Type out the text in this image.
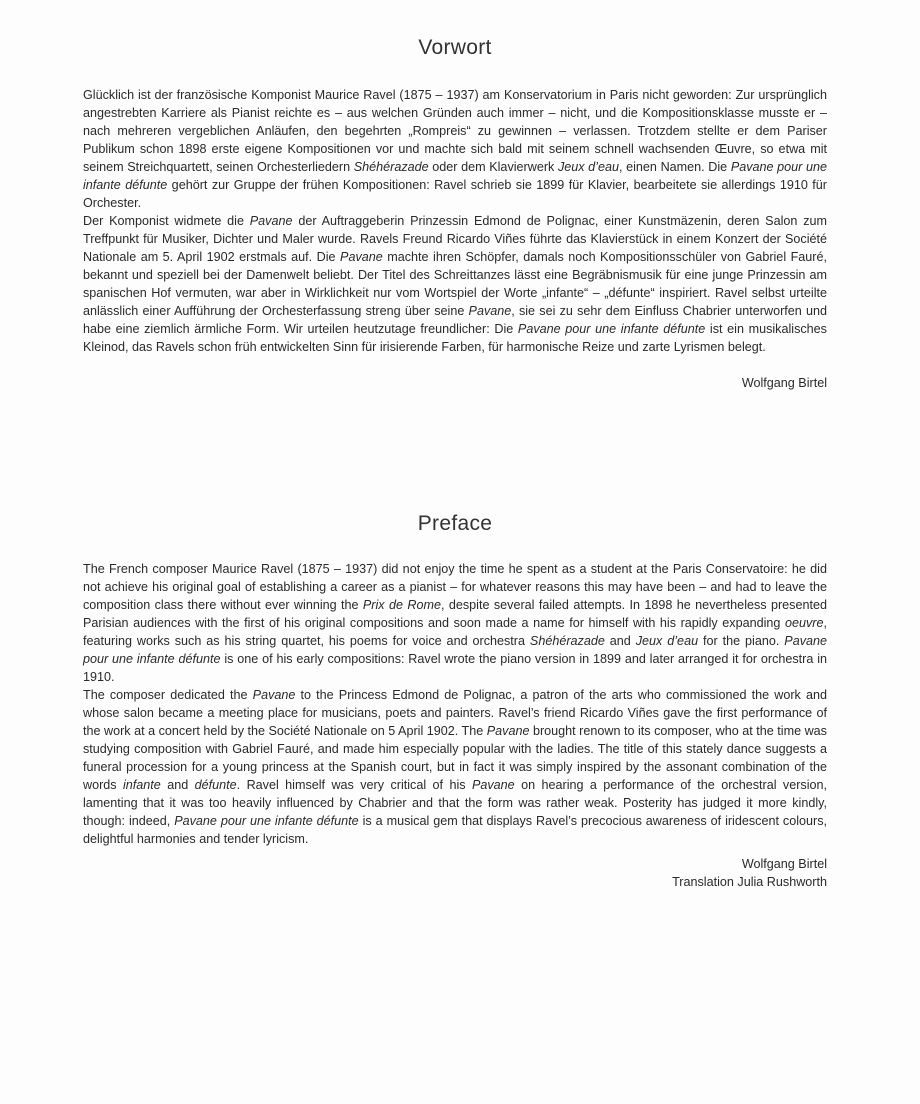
Vorwort

Glücklich ist der französische Komponist Maurice Ravel (1875 – 1937) am Konservatorium in Paris nicht geworden: Zur ursprünglich angestrebten Karriere als Pianist reichte es – aus welchen Gründen auch immer – nicht, und die Kompositionsklasse musste er – nach mehreren vergeblichen Anläufen, den begehrten „Rompreis“ zu gewinnen – verlassen. Trotzdem stellte er dem Pariser Publikum schon 1898 erste eigene Kompositionen vor und machte sich bald mit seinem schnell wachsenden Œuvre, so etwa mit seinem Streichquartett, seinen Orchesterliedern Shéhérazade oder dem Klavierwerk Jeux d’eau, einen Namen. Die Pavane pour une infante défunte gehört zur Gruppe der frühen Kompositionen: Ravel schrieb sie 1899 für Klavier, bearbeitete sie allerdings 1910 für Orchester.

Der Komponist widmete die Pavane der Auftraggeberin Prinzessin Edmond de Polignac, einer Kunstmäzenin, deren Salon zum Treffpunkt für Musiker, Dichter und Maler wurde. Ravels Freund Ricardo Viñes führte das Klavierstück in einem Konzert der Société Nationale am 5. April 1902 erstmals auf. Die Pavane machte ihren Schöpfer, damals noch Kompositionsschüler von Gabriel Fauré, bekannt und speziell bei der Damenwelt beliebt. Der Titel des Schreittanzes lässt eine Begräbnismusik für eine junge Prinzessin am spanischen Hof vermuten, war aber in Wirklichkeit nur vom Wortspiel der Worte „infante“ – „défunte“ inspiriert. Ravel selbst urteilte anlässlich einer Aufführung der Orchesterfassung streng über seine Pavane, sie sei zu sehr dem Einfluss Chabrier unterworfen und habe eine ziemlich ärmliche Form. Wir urteilen heutzutage freundlicher: Die Pavane pour une infante défunte ist ein musikalisches Kleinod, das Ravels schon früh entwickelten Sinn für irisierende Farben, für harmonische Reize und zarte Lyrismen belegt.

Wolfgang Birtel
Preface

The French composer Maurice Ravel (1875 – 1937) did not enjoy the time he spent as a student at the Paris Conservatoire: he did not achieve his original goal of establishing a career as a pianist – for whatever reasons this may have been – and had to leave the composition class there without ever winning the Prix de Rome, despite several failed attempts. In 1898 he nevertheless presented Parisian audiences with the first of his original compositions and soon made a name for himself with his rapidly expanding oeuvre, featuring works such as his string quartet, his poems for voice and orchestra Shéhérazade and Jeux d’eau for the piano. Pavane pour une infante défunte is one of his early compositions: Ravel wrote the piano version in 1899 and later arranged it for orchestra in 1910.

The composer dedicated the Pavane to the Princess Edmond de Polignac, a patron of the arts who commissioned the work and whose salon became a meeting place for musicians, poets and painters. Ravel’s friend Ricardo Viñes gave the first performance of the work at a concert held by the Société Nationale on 5 April 1902. The Pavane brought renown to its composer, who at the time was studying composition with Gabriel Fauré, and made him especially popular with the ladies. The title of this stately dance suggests a funeral procession for a young princess at the Spanish court, but in fact it was simply inspired by the assonant combination of the words infante and défunte. Ravel himself was very critical of his Pavane on hearing a performance of the orchestral version, lamenting that it was too heavily influenced by Chabrier and that the form was rather weak. Posterity has judged it more kindly, though: indeed, Pavane pour une infante défunte is a musical gem that displays Ravel’s precocious awareness of iridescent colours, delightful harmonies and tender lyricism.

Wolfgang Birtel
Translation Julia Rushworth
